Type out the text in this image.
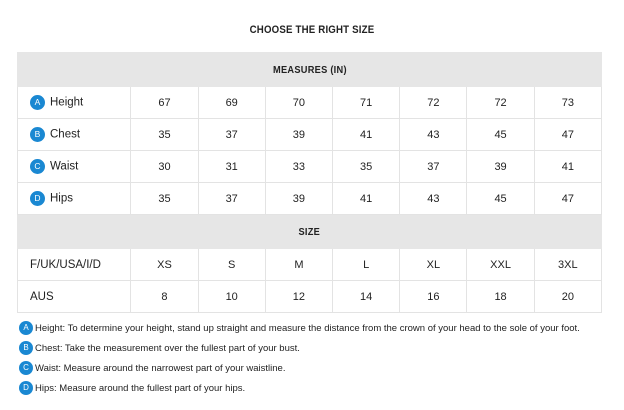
CHOOSE THE RIGHT SIZE
MEASURES (IN)							
A Height	67	69	70	71	72	72	73
B Chest	35	37	39	41	43	45	47
C Waist	30	31	33	35	37	39	41
D Hips	35	37	39	41	43	45	47
SIZE							
F/UK/USA/I/D	XS	S	M	L	XL	XXL	3XL
AUS	8	10	12	14	16	18	20
A Height: To determine your height, stand up straight and measure the distance from the crown of your head to the sole of your foot.
B Chest: Take the measurement over the fullest part of your bust.
C Waist: Measure around the narrowest part of your waistline.
D Hips: Measure around the fullest part of your hips.
